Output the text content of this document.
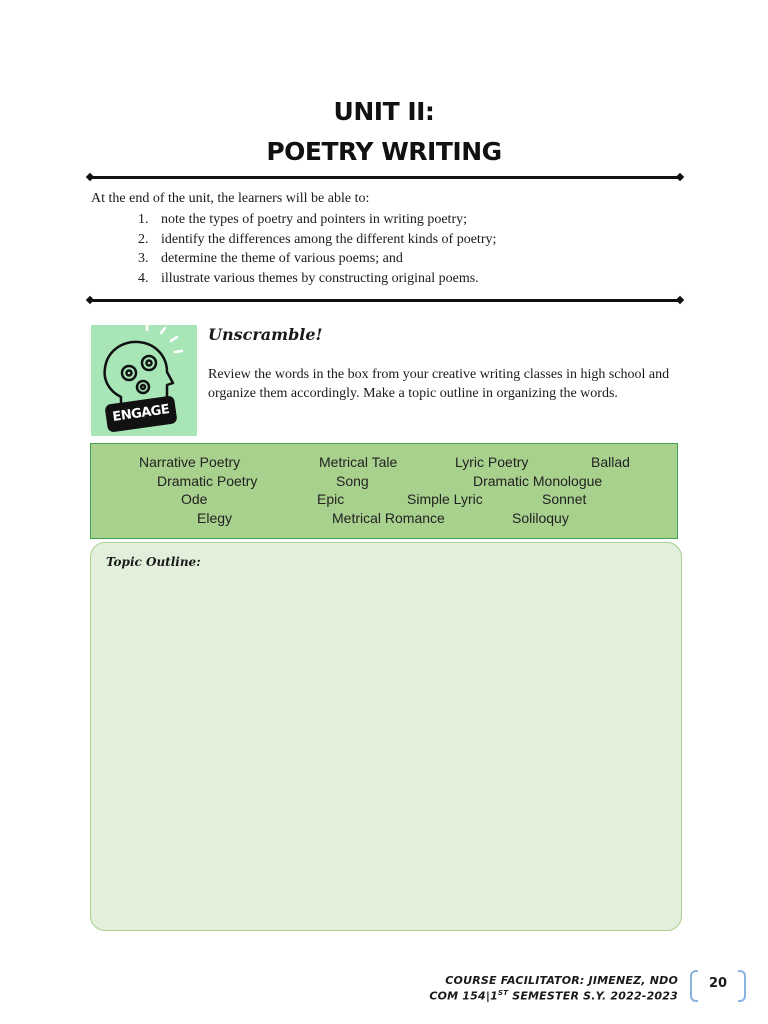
UNIT II:
POETRY WRITING
At the end of the unit, the learners will be able to:
1. note the types of poetry and pointers in writing poetry;
2. identify the differences among the different kinds of poetry;
3. determine the theme of various poems; and
4. illustrate various themes by constructing original poems.
ENGAGE
Unscramble!
Review the words in the box from your creative writing classes in high school and organize them accordingly. Make a topic outline in organizing the words.
Narrative Poetry	Metrical Tale	Lyric Poetry	Ballad
Dramatic Poetry	Song	Dramatic Monologue
Ode	Epic	Simple Lyric	Sonnet
Elegy	Metrical Romance	Soliloquy
Topic Outline:
COURSE FACILITATOR: JIMENEZ, NDO
COM 154|1ST SEMESTER S.Y. 2022-2023
20
